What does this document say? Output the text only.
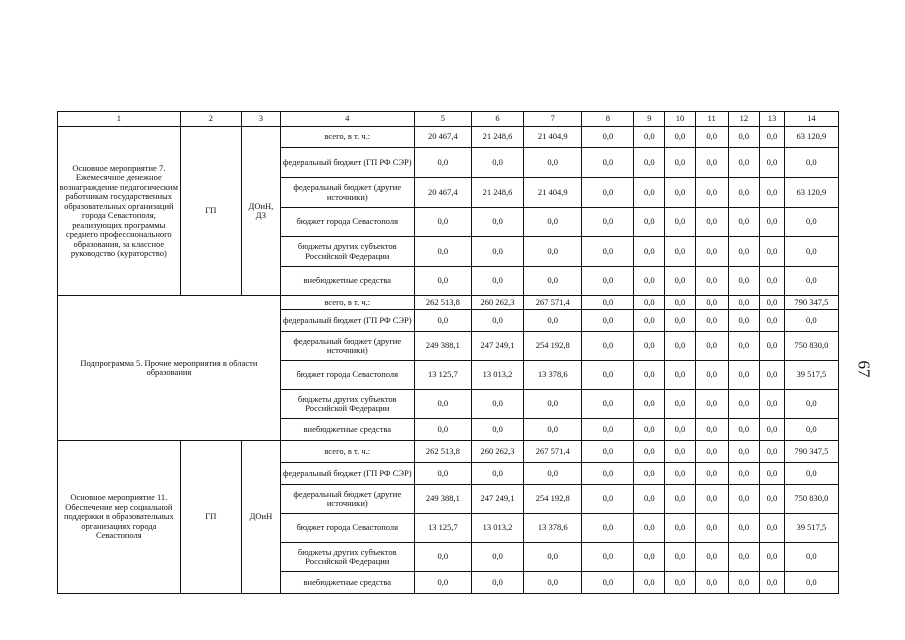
1	2	3	4	5	6	7	8	9	10	11	12	13	14
Основное мероприятие 7. Ежемесячное денежное вознаграждение педагогическим работникам государственных образовательных организаций города Севастополя, реализующих программы среднего профессионального образования, за классное руководство (кураторство)	ГП	ДОиН, ДЗ	всего, в т. ч.:	20 467,4	21 248,6	21 404,9	0,0	0,0	0,0	0,0	0,0	0,0	63 120,9
			федеральный бюджет (ГП РФ СЭР)	0,0	0,0	0,0	0,0	0,0	0,0	0,0	0,0	0,0	0,0
			федеральный бюджет (другие источники)	20 467,4	21 248,6	21 404,9	0,0	0,0	0,0	0,0	0,0	0,0	63 120,9
			бюджет города Севастополя	0,0	0,0	0,0	0,0	0,0	0,0	0,0	0,0	0,0	0,0
			бюджеты других субъектов Российской Федерации	0,0	0,0	0,0	0,0	0,0	0,0	0,0	0,0	0,0	0,0
			внебюджетные средства	0,0	0,0	0,0	0,0	0,0	0,0	0,0	0,0	0,0	0,0
Подпрограмма 5. Прочие мероприятия в области образования			всего, в т. ч.:	262 513,8	260 262,3	267 571,4	0,0	0,0	0,0	0,0	0,0	0,0	790 347,5
			федеральный бюджет (ГП РФ СЭР)	0,0	0,0	0,0	0,0	0,0	0,0	0,0	0,0	0,0	0,0
			федеральный бюджет (другие источники)	249 388,1	247 249,1	254 192,8	0,0	0,0	0,0	0,0	0,0	0,0	750 830,0
			бюджет города Севастополя	13 125,7	13 013,2	13 378,6	0,0	0,0	0,0	0,0	0,0	0,0	39 517,5
			бюджеты других субъектов Российской Федерации	0,0	0,0	0,0	0,0	0,0	0,0	0,0	0,0	0,0	0,0
			внебюджетные средства	0,0	0,0	0,0	0,0	0,0	0,0	0,0	0,0	0,0	0,0
Основное мероприятие 11. Обеспечение мер социальной поддержки в образовательных организациях города Севастополя	ГП	ДОиН	всего, в т. ч.:	262 513,8	260 262,3	267 571,4	0,0	0,0	0,0	0,0	0,0	0,0	790 347,5
			федеральный бюджет (ГП РФ СЭР)	0,0	0,0	0,0	0,0	0,0	0,0	0,0	0,0	0,0	0,0
			федеральный бюджет (другие источники)	249 388,1	247 249,1	254 192,8	0,0	0,0	0,0	0,0	0,0	0,0	750 830,0
			бюджет города Севастополя	13 125,7	13 013,2	13 378,6	0,0	0,0	0,0	0,0	0,0	0,0	39 517,5
			бюджеты других субъектов Российской Федерации	0,0	0,0	0,0	0,0	0,0	0,0	0,0	0,0	0,0	0,0
			внебюджетные средства	0,0	0,0	0,0	0,0	0,0	0,0	0,0	0,0	0,0	0,0
67
